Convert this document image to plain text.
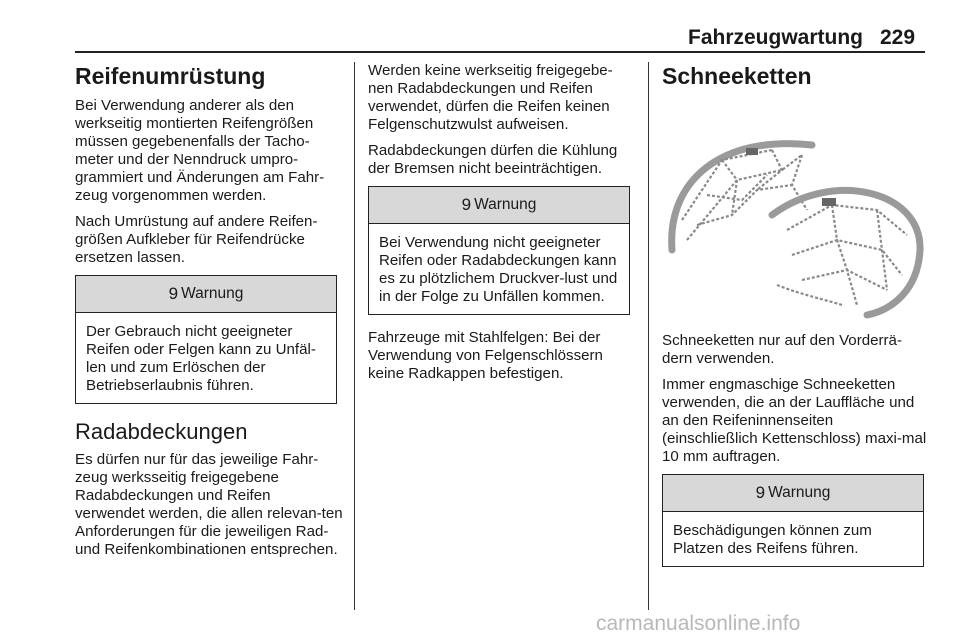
Fahrzeugwartung 229
Reifenumrüstung

Bei Verwendung anderer als den werkseitig montierten Reifengrößen müssen gegebenenfalls der Tacho-meter und der Nenndruck umpro-grammiert und Änderungen am Fahr-zeug vorgenommen werden.

Nach Umrüstung auf andere Reifen-größen Aufkleber für Reifendrücke ersetzen lassen.

9 Warnung
Der Gebrauch nicht geeigneter Reifen oder Felgen kann zu Unfäl-len und zum Erlöschen der Betriebserlaubnis führen.
Radabdeckungen

Es dürfen nur für das jeweilige Fahr-zeug werksseitig freigegebene Radabdeckungen und Reifen verwendet werden, die allen relevan-ten Anforderungen für die jeweiligen Rad- und Reifenkombinationen entsprechen.

Werden keine werkseitig freigegebe-nen Radabdeckungen und Reifen verwendet, dürfen die Reifen keinen Felgenschutzwulst aufweisen.

Radabdeckungen dürfen die Kühlung der Bremsen nicht beeinträchtigen.

9 Warnung
Bei Verwendung nicht geeigneter Reifen oder Radabdeckungen kann es zu plötzlichem Druckver-lust und in der Folge zu Unfällen kommen.

Fahrzeuge mit Stahlfelgen: Bei der Verwendung von Felgenschlössern keine Radkappen befestigen.

Schneeketten

Schneeketten nur auf den Vorderrä-dern verwenden.

Immer engmaschige Schneeketten verwenden, die an der Lauffläche und an den Reifeninnenseiten (einschließlich Kettenschloss) maxi-mal 10 mm auftragen.

9 Warnung
Beschädigungen können zum Platzen des Reifens führen.
carmanualsonline.info
